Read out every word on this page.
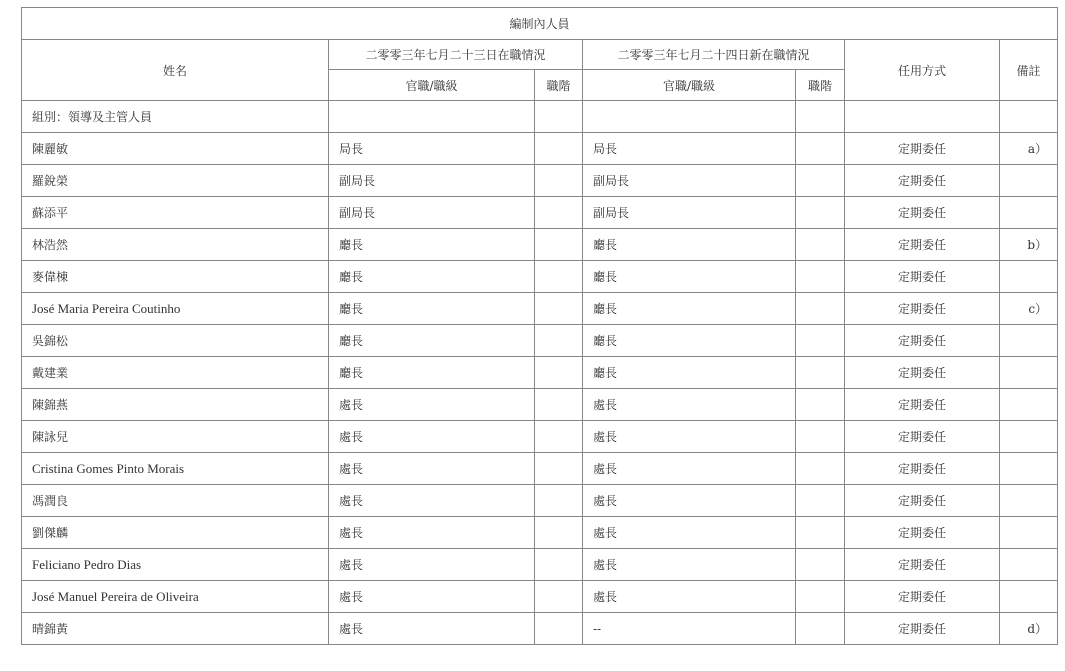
編制內人員						
姓名	二零零三年七月二十三日在職情況		二零零三年七月二十四日新在職情況		任用方式	備註
	官職/職級	職階	官職/職級	職階		
組別：領導及主管人員						
陳麗敏	局長		局長		定期委任	a）
羅銳榮	副局長		副局長		定期委任	
蘇添平	副局長		副局長		定期委任	
林浩然	廳長		廳長		定期委任	b）
麥偉棟	廳長		廳長		定期委任	
José Maria Pereira Coutinho	廳長		廳長		定期委任	c）
吳錦松	廳長		廳長		定期委任	
戴建業	廳長		廳長		定期委任	
陳錦燕	處長		處長		定期委任	
陳詠兒	處長		處長		定期委任	
Cristina Gomes Pinto Morais	處長		處長		定期委任	
馮潤良	處長		處長		定期委任	
劉傑麟	處長		處長		定期委任	
Feliciano Pedro Dias	處長		處長		定期委任	
José Manuel Pereira de Oliveira	處長		處長		定期委任	
晴錦黃	處長		--		定期委任	d）
